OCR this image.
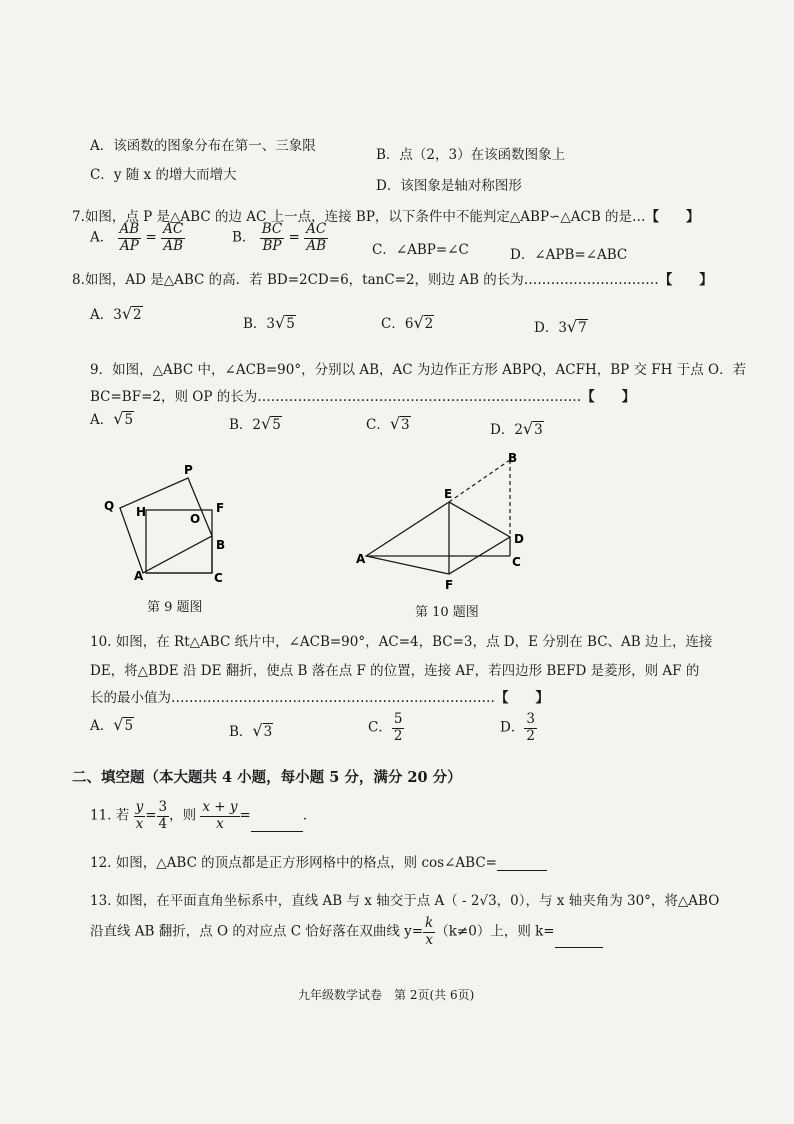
A．该函数的图象分布在第一、三象限
B．点（2，3）在该函数图象上
C．y 随 x 的增大而增大
D．该图象是轴对称图形
7.如图，点 P 是△ABC 的边 AC 上一点，连接 BP，以下条件中不能判定△ABP∽△ACB 的是…【　　】
A． $\frac{AB}{AP} = \frac{AC}{AB}$	B． $\frac{BC}{BP} = \frac{AC}{AB}$	C．∠ABP=∠C	D．∠APB=∠ABC
8.如图，AD 是△ABC 的高．若 BD=2CD=6，tanC=2，则边 AB 的长为…………………………【　　】
A．3√2
B．3√5	C．6√2	D．3√7
9．如图，△ABC 中，∠ACB=90°，分别以 AB，AC 为边作正方形 ABPQ，ACFH，BP 交 FH 于点 O．若
BC=BF=2，则 OP 的长为………………………………………………………………【　　】
A．√5	B．2√5	C．√3	D．2√3
P
Q H	O
F
B
A	C
第 9 题图
B
E
D
A	C
F
第 10 题图
10. 如图，在 Rt△ABC 纸片中，∠ACB=90°，AC=4，BC=3，点 D，E 分别在 BC、AB 边上，连接
DE，将△BDE 沿 DE 翻折，使点 B 落在点 F 的位置，连接 AF，若四边形 BEFD 是菱形，则 AF 的
长的最小值为………………………………………………………………【　　】
A．√5	B．√3	C． $\frac{5}{2}$	D． $\frac{3}{2}$
二、填空题（本大题共 4 小题，每小题 5 分，满分 20 分）
11. 若 $\frac{y}{x} = \frac{3}{4}$ ，则 $\frac{x + y}{x}$ =	．
12. 如图，△ABC 的顶点都是正方形网格中的格点，则 cos∠ABC=
13. 如图，在平面直角坐标系中，直线 AB 与 x 轴交于点 A（ - 2√3，0），与 x 轴夹角为 30°，将△ABO
沿直线 AB 翻折，点 O 的对应点 C 恰好落在双曲线 $y= \frac{k}{x} (k\ne 0)$上，则 k=
九年级数学试卷　第 2页(共 6页)
